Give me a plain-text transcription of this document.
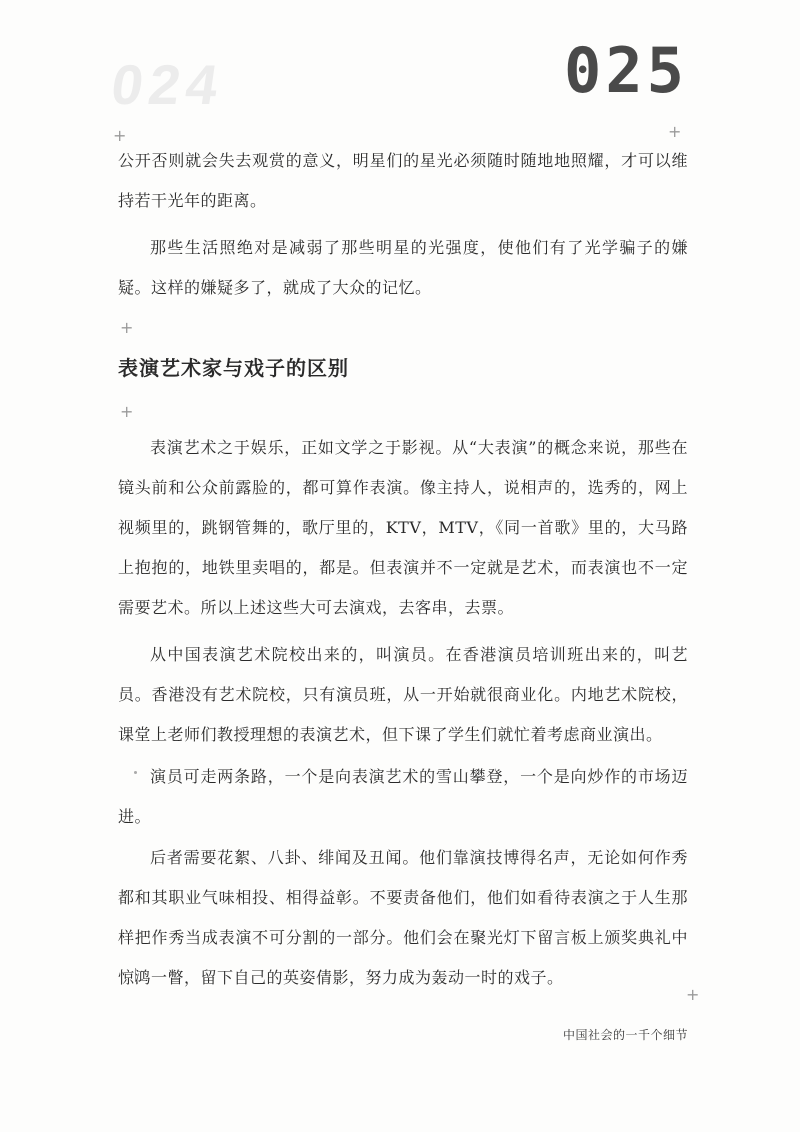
024	025
+	+
+
+
+

公开否则就会失去观赏的意义，明星们的星光必须随时随地地照耀，才可以维持若干光年的距离。

那些生活照绝对是减弱了那些明星的光强度，使他们有了光学骗子的嫌疑。这样的嫌疑多了，就成了大众的记忆。

表演艺术家与戏子的区别

表演艺术之于娱乐，正如文学之于影视。从“大表演”的概念来说，那些在镜头前和公众前露脸的，都可算作表演。像主持人，说相声的，选秀的，网上视频里的，跳钢管舞的，歌厅里的，KTV，MTV，《同一首歌》里的，大马路上抱抱的，地铁里卖唱的，都是。但表演并不一定就是艺术，而表演也不一定需要艺术。所以上述这些大可去演戏，去客串，去票。

从中国表演艺术院校出来的，叫演员。在香港演员培训班出来的，叫艺员。香港没有艺术院校，只有演员班，从一开始就很商业化。内地艺术院校，课堂上老师们教授理想的表演艺术，但下课了学生们就忙着考虑商业演出。

演员可走两条路，一个是向表演艺术的雪山攀登，一个是向炒作的市场迈进。

后者需要花絮、八卦、绯闻及丑闻。他们靠演技博得名声，无论如何作秀都和其职业气味相投、相得益彰。不要责备他们，他们如看待表演之于人生那样把作秀当成表演不可分割的一部分。他们会在聚光灯下留言板上颁奖典礼中惊鸿一瞥，留下自己的英姿倩影，努力成为轰动一时的戏子。

中国社会的一千个细节
